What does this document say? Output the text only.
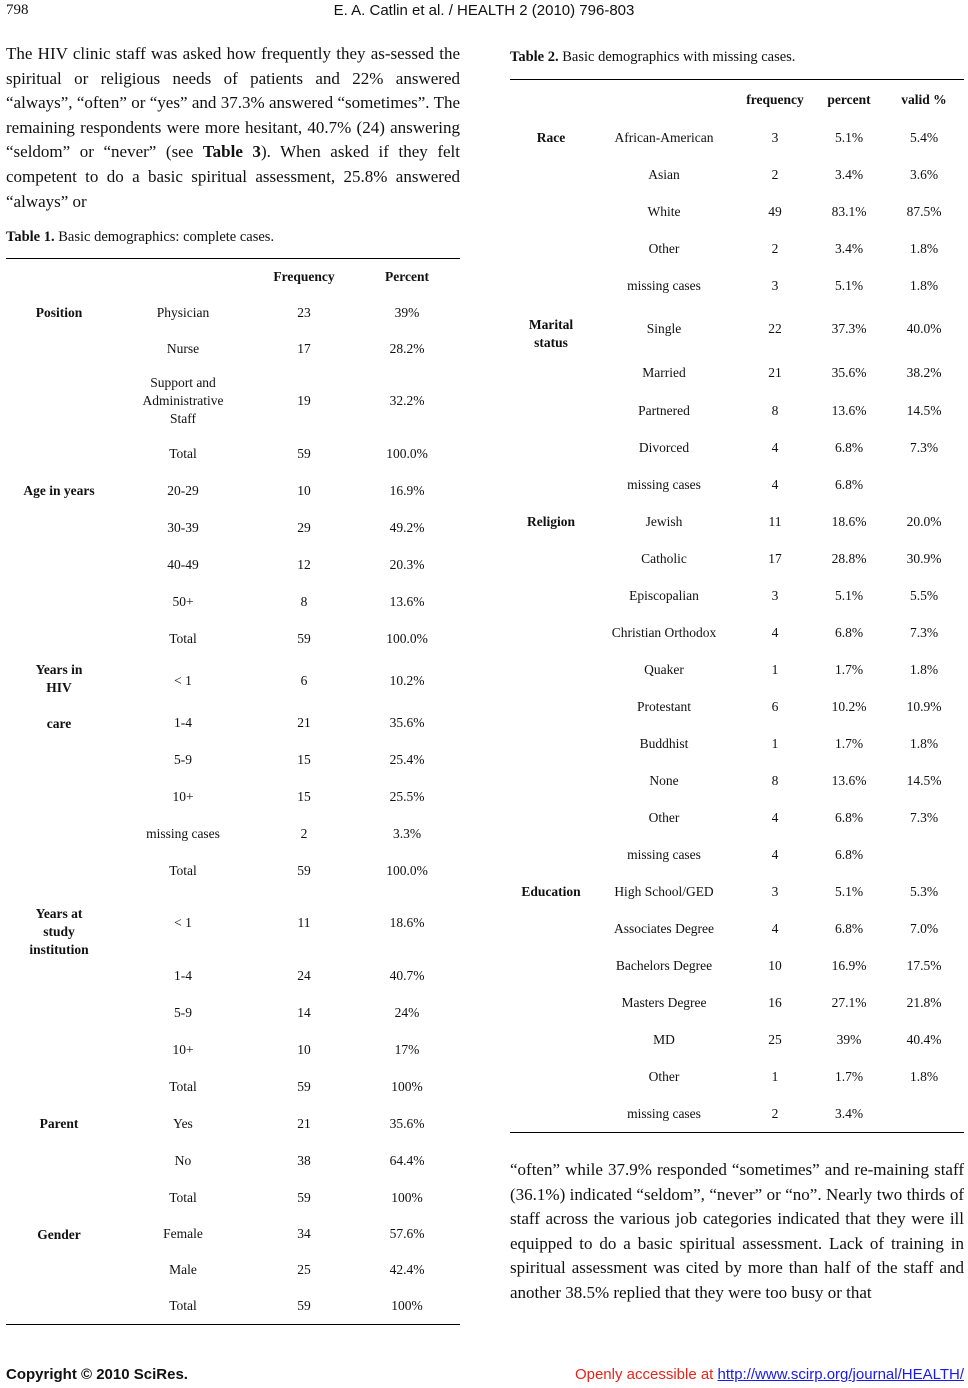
798	E. A. Catlin et al. / HEALTH 2 (2010) 796-803

The HIV clinic staff was asked how frequently they as-sessed the spiritual or religious needs of patients and 22% answered “always”, “often” or “yes” and 37.3% answered “sometimes”. The remaining respondents were more hesitant, 40.7% (24) answering “seldom” or “never” (see Table 3). When asked if they felt competent to do a basic spiritual assessment, 25.8% answered “always” or

Table 1. Basic demographics: complete cases.

		Frequency	Percent
Position	Physician	23	39%
	Nurse	17	28.2%
	Support and
Administrative
Staff	19	32.2%
	Total	59	100.0%
Age in years	20-29	10	16.9%
	30-39	29	49.2%
	40-49	12	20.3%
	50+	8	13.6%
	Total	59	100.0%
Years in
HIV

care	< 1	6	10.2%
	1-4	21	35.6%
	5-9	15	25.4%
	10+	15	25.5%
	missing cases	2	3.3%
	Total	59	100.0%
Years at
study
institution	< 1	11	18.6%
	1-4	24	40.7%
	5-9	14	24%
	10+	10	17%
	Total	59	100%
Parent	Yes	21	35.6%
	No	38	64.4%
	Total	59	100%
Gender	Female	34	57.6%
	Male	25	42.4%
	Total	59	100%

Table 2. Basic demographics with missing cases.

		frequency	percent	valid %
Race	African-American	3	5.1%	5.4%
	Asian	2	3.4%	3.6%
	White	49	83.1%	87.5%
	Other	2	3.4%	1.8%
	missing cases	3	5.1%	1.8%
Marital
status	Single	22	37.3%	40.0%
	Married	21	35.6%	38.2%
	Partnered	8	13.6%	14.5%
	Divorced	4	6.8%	7.3%
	missing cases	4	6.8%	
Religion	Jewish	11	18.6%	20.0%
	Catholic	17	28.8%	30.9%
	Episcopalian	3	5.1%	5.5%
	Christian Orthodox	4	6.8%	7.3%
	Quaker	1	1.7%	1.8%
	Protestant	6	10.2%	10.9%
	Buddhist	1	1.7%	1.8%
	None	8	13.6%	14.5%
	Other	4	6.8%	7.3%
	missing cases	4	6.8%	
Education	High School/GED	3	5.1%	5.3%
	Associates Degree	4	6.8%	7.0%
	Bachelors Degree	10	16.9%	17.5%
	Masters Degree	16	27.1%	21.8%
	MD	25	39%	40.4%
	Other	1	1.7%	1.8%
	missing cases	2	3.4%	

“often” while 37.9% responded “sometimes” and re-maining staff (36.1%) indicated “seldom”, “never” or “no”. Nearly two thirds of staff across the various job categories indicated that they were ill equipped to do a basic spiritual assessment. Lack of training in spiritual assessment was cited by more than half of the staff and another 38.5% replied that they were too busy or that

Copyright © 2010 SciRes.	Openly accessible at http://www.scirp.org/journal/HEALTH/
